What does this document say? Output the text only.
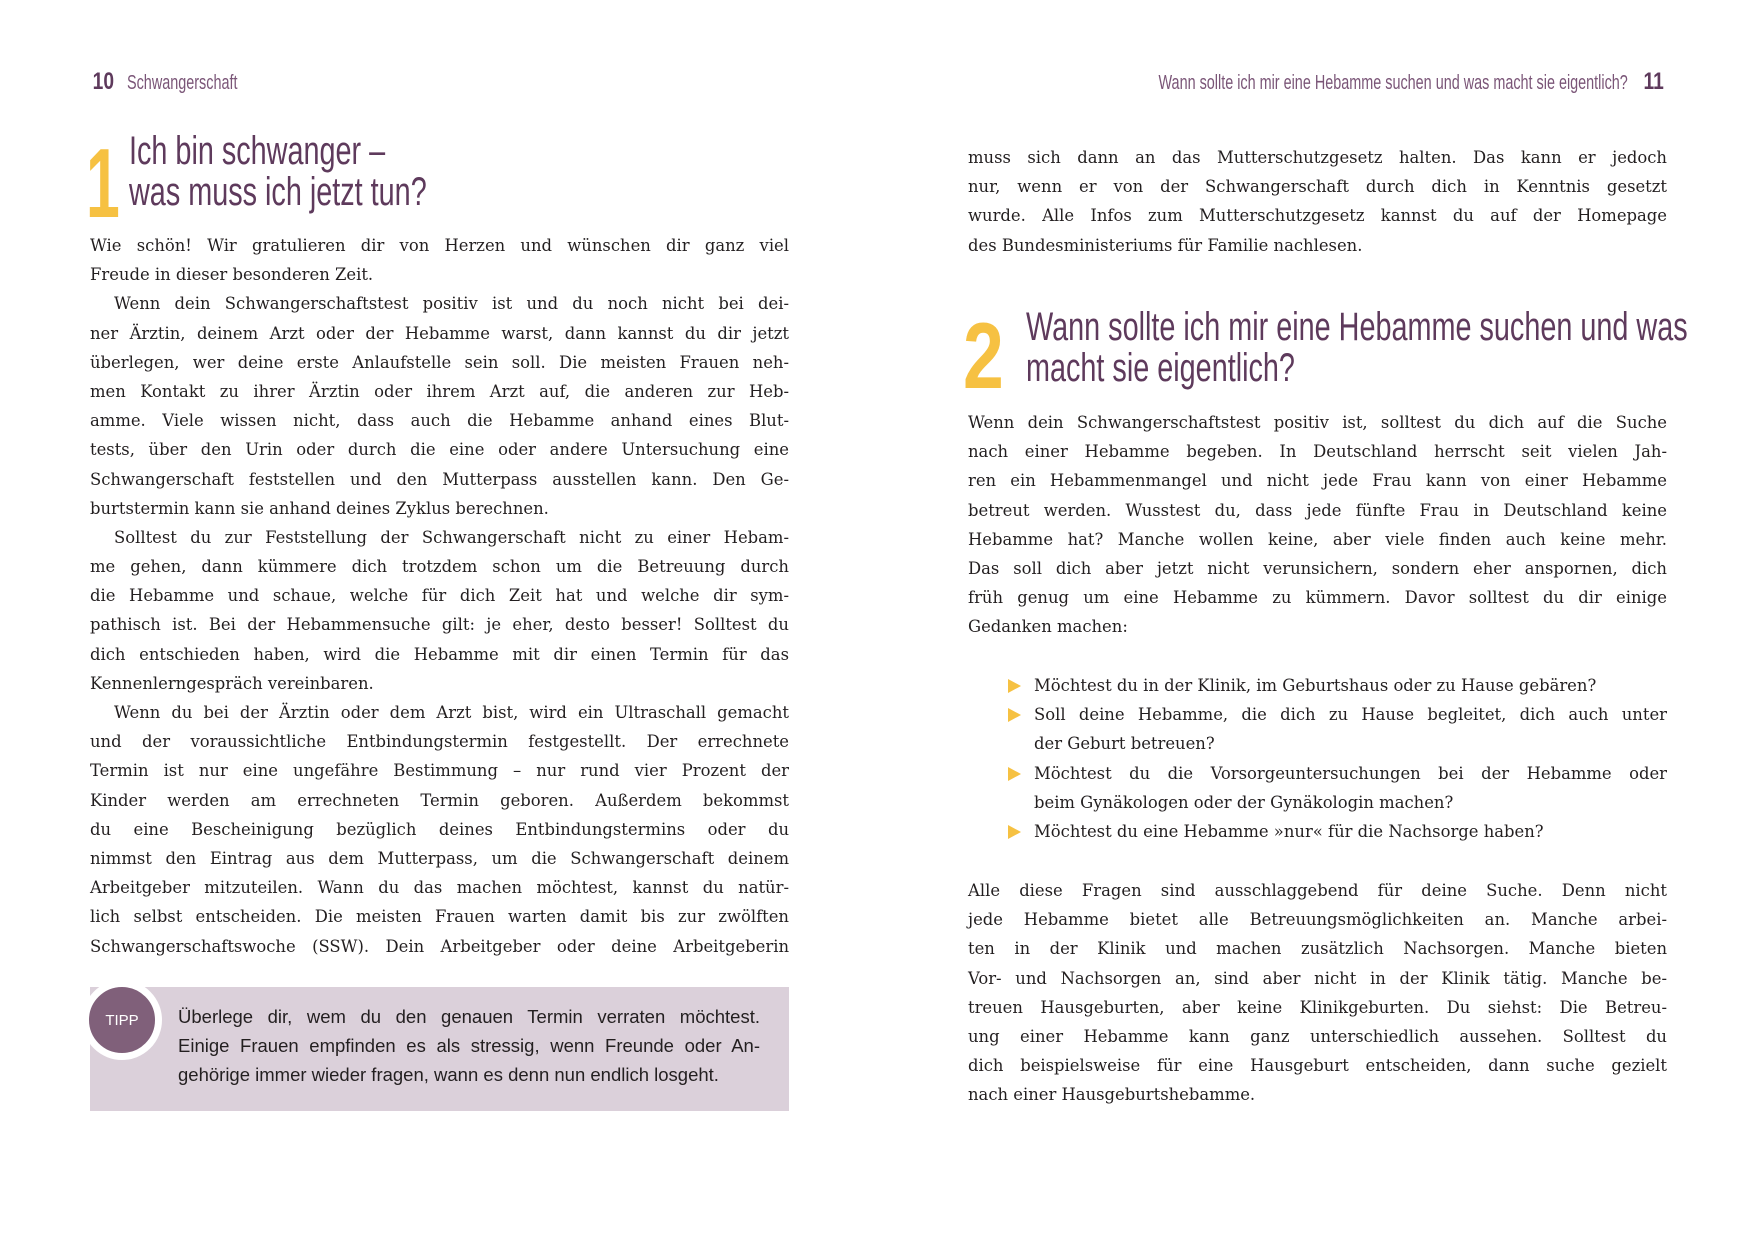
10 Schwangerschaft	Wann sollte ich mir eine Hebamme suchen und was macht sie eigentlich? 11
1 Ich bin schwanger –
was muss ich jetzt tun?
Wie schön! Wir gratulieren dir von Herzen und wünschen dir ganz viel
Freude in dieser besonderen Zeit.
Wenn dein Schwangerschaftstest positiv ist und du noch nicht bei dei-
ner Ärztin, deinem Arzt oder der Hebamme warst, dann kannst du dir jetzt
überlegen, wer deine erste Anlaufstelle sein soll. Die meisten Frauen neh-
men Kontakt zu ihrer Ärztin oder ihrem Arzt auf, die anderen zur Heb-
amme. Viele wissen nicht, dass auch die Hebamme anhand eines Blut-
tests, über den Urin oder durch die eine oder andere Untersuchung eine
Schwangerschaft feststellen und den Mutterpass ausstellen kann. Den Ge-
burtstermin kann sie anhand deines Zyklus berechnen.
Solltest du zur Feststellung der Schwangerschaft nicht zu einer Hebam-
me gehen, dann kümmere dich trotzdem schon um die Betreuung durch
die Hebamme und schaue, welche für dich Zeit hat und welche dir sym-
pathisch ist. Bei der Hebammensuche gilt: je eher, desto besser! Solltest du
dich entschieden haben, wird die Hebamme mit dir einen Termin für das
Kennenlerngespräch vereinbaren.
Wenn du bei der Ärztin oder dem Arzt bist, wird ein Ultraschall gemacht
und der voraussichtliche Entbindungstermin festgestellt. Der errechnete
Termin ist nur eine ungefähre Bestimmung – nur rund vier Prozent der
Kinder werden am errechneten Termin geboren. Außerdem bekommst
du eine Bescheinigung bezüglich deines Entbindungstermins oder du
nimmst den Eintrag aus dem Mutterpass, um die Schwangerschaft deinem
Arbeitgeber mitzuteilen. Wann du das machen möchtest, kannst du natür-
lich selbst entscheiden. Die meisten Frauen warten damit bis zur zwölften
Schwangerschaftswoche (SSW). Dein Arbeitgeber oder deine Arbeitgeberin
TIPP	Überlege dir, wem du den genauen Termin verraten möchtest.
Einige Frauen empfinden es als stressig, wenn Freunde oder An-
gehörige immer wieder fragen, wann es denn nun endlich losgeht.
muss sich dann an das Mutterschutzgesetz halten. Das kann er jedoch
nur, wenn er von der Schwangerschaft durch dich in Kenntnis gesetzt
wurde. Alle Infos zum Mutterschutzgesetz kannst du auf der Homepage
des Bundesministeriums für Familie nachlesen.
2 Wann sollte ich mir eine Hebamme suchen und was
macht sie eigentlich?
Wenn dein Schwangerschaftstest positiv ist, solltest du dich auf die Suche
nach einer Hebamme begeben. In Deutschland herrscht seit vielen Jah-
ren ein Hebammenmangel und nicht jede Frau kann von einer Hebamme
betreut werden. Wusstest du, dass jede fünfte Frau in Deutschland keine
Hebamme hat? Manche wollen keine, aber viele finden auch keine mehr.
Das soll dich aber jetzt nicht verunsichern, sondern eher anspornen, dich
früh genug um eine Hebamme zu kümmern. Davor solltest du dir einige
Gedanken machen:
Möchtest du in der Klinik, im Geburtshaus oder zu Hause gebären?
Soll deine Hebamme, die dich zu Hause begleitet, dich auch unter
der Geburt betreuen?
Möchtest du die Vorsorgeuntersuchungen bei der Hebamme oder
beim Gynäkologen oder der Gynäkologin machen?
Möchtest du eine Hebamme »nur« für die Nachsorge haben?
Alle diese Fragen sind ausschlaggebend für deine Suche. Denn nicht
jede Hebamme bietet alle Betreuungsmöglichkeiten an. Manche arbei-
ten in der Klinik und machen zusätzlich Nachsorgen. Manche bieten
Vor- und Nachsorgen an, sind aber nicht in der Klinik tätig. Manche be-
treuen Hausgeburten, aber keine Klinikgeburten. Du siehst: Die Betreu-
ung einer Hebamme kann ganz unterschiedlich aussehen. Solltest du
dich beispielsweise für eine Hausgeburt entscheiden, dann suche gezielt
nach einer Hausgeburtshebamme.
